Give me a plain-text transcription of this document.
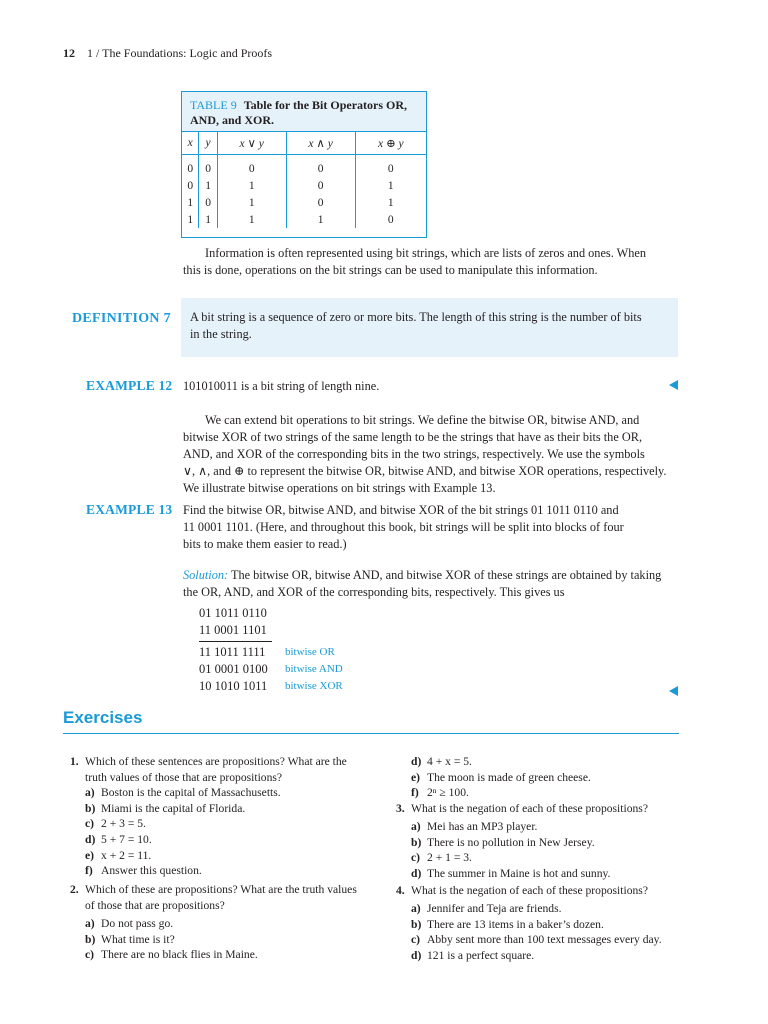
12 1 / The Foundations: Logic and Proofs
TABLE 9 Table for the Bit Operators OR,
AND, and XOR.
x	y	x ∨ y	x ∧ y	x ⊕ y
0	0	0	0	0
0	1	1	0	1
1	0	1	0	1
1	1	1	1	0
Information is often represented using bit strings, which are lists of zeros and ones. When
this is done, operations on the bit strings can be used to manipulate this information.
DEFINITION 7 A bit string is a sequence of zero or more bits. The length of this string is the number of bits
in the string.
EXAMPLE 12 101010011 is a bit string of length nine.
We can extend bit operations to bit strings. We define the bitwise OR, bitwise AND, and
bitwise XOR of two strings of the same length to be the strings that have as their bits the OR,
AND, and XOR of the corresponding bits in the two strings, respectively. We use the symbols
∨, ∧, and ⊕ to represent the bitwise OR, bitwise AND, and bitwise XOR operations, respectively.
We illustrate bitwise operations on bit strings with Example 13.
EXAMPLE 13 Find the bitwise OR, bitwise AND, and bitwise XOR of the bit strings 01 1011 0110 and
11 0001 1101. (Here, and throughout this book, bit strings will be split into blocks of four
bits to make them easier to read.)
Solution: The bitwise OR, bitwise AND, and bitwise XOR of these strings are obtained by taking
the OR, AND, and XOR of the corresponding bits, respectively. This gives us
01 1011 0110
11 0001 1101
11 1011 1111 bitwise OR
01 0001 0100 bitwise AND
10 1010 1011 bitwise XOR
Exercises
1. Which of these sentences are propositions? What are the
truth values of those that are propositions?
a) Boston is the capital of Massachusetts.
b) Miami is the capital of Florida.
c) 2 + 3 = 5.
d) 5 + 7 = 10.
e) x + 2 = 11.
f) Answer this question.
2. Which of these are propositions? What are the truth values
of those that are propositions?
a) Do not pass go.
b) What time is it?
c) There are no black flies in Maine.
d) 4 + x = 5.
e) The moon is made of green cheese.
f) 2ⁿ ≥ 100.
3. What is the negation of each of these propositions?
a) Mei has an MP3 player.
b) There is no pollution in New Jersey.
c) 2 + 1 = 3.
d) The summer in Maine is hot and sunny.
4. What is the negation of each of these propositions?
a) Jennifer and Teja are friends.
b) There are 13 items in a baker’s dozen.
c) Abby sent more than 100 text messages every day.
d) 121 is a perfect square.
